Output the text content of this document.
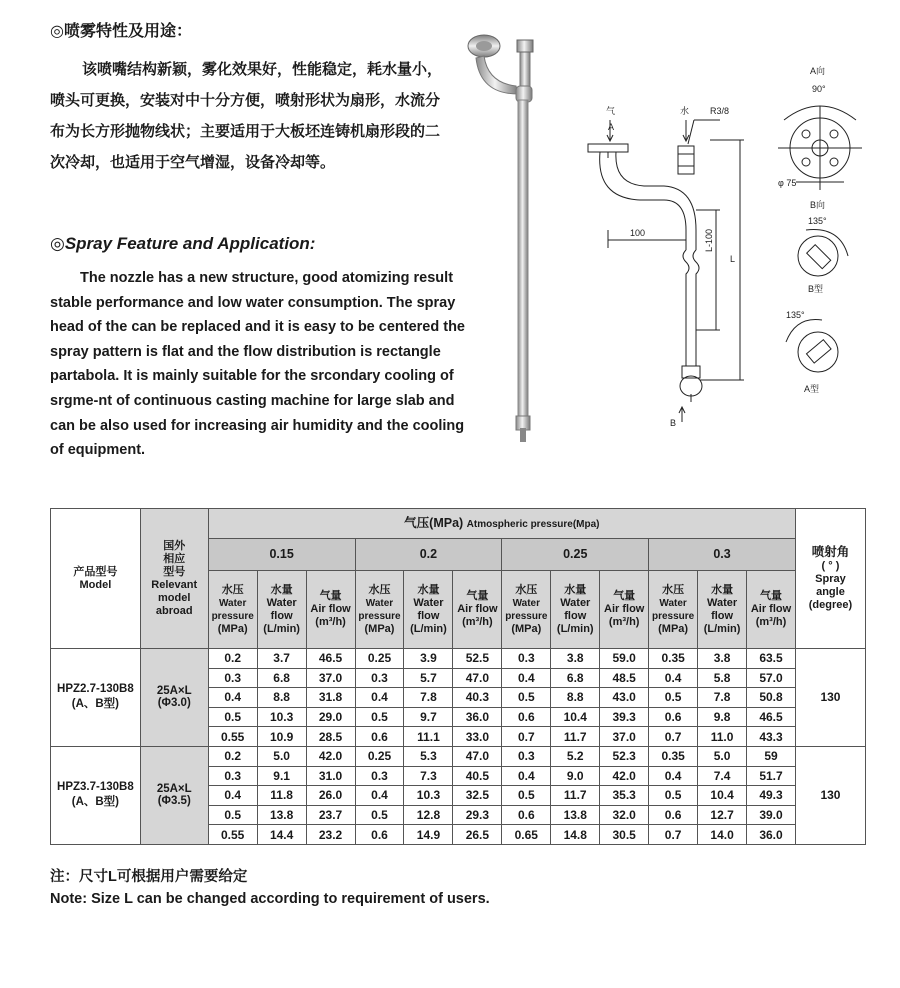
◎喷雾特性及用途：

该喷嘴结构新颖，雾化效果好，性能稳定，耗水量小，

喷头可更换，安装对中十分方便，喷射形状为扇形，水流分

布为长方形抛物线状；主要适用于大板坯连铸机扇形段的二

次冷却，也适用于空气增湿，设备冷却等。

◎Spray Feature and Application:

The nozzle has a new structure, good atomizing result

stable performance and low water consumption. The spray

head of the can be replaced and it is easy to be centered the

spray pattern is flat and the flow distribution is rectangle

partabola. It is mainly suitable for the srcondary cooling of

srgme-nt of continuous casting machine for large slab and

can be also used for increasing air humidity and the cooling

of equipment.

气
A
水 R3/8
100	L-100
L
B
A向
90°
φ 75
B向
135°
B型
135°
A型
产品型号
Model	国外相应型号
Relevant model abroad	气压(MPa) Atmospheric pressure(Mpa)												喷射角
( ° )
Spray angle (degree)
		0.15			0.2			0.25			0.3			

		水压
Water pressure
(MPa)	水量
Water flow
(L/min)	气量
Air flow
(m³/h)	水压
Water pressure
(MPa)	水量
Water flow
(L/min)	气量
Air flow
(m³/h)	水压
Water pressure
(MPa)	水量
Water flow
(L/min)	气量
Air flow
(m³/h)	水压
Water pressure
(MPa)	水量
Water flow
(L/min)	气量
Air flow
(m³/h)	

HPZ2.7-130B8
(A、B型)	25A×L
(Φ3.0)	0.2	3.7	46.5	0.25	3.9	52.5	0.3	3.8	59.0	0.35	3.8	63.5	130
		0.3	6.8	37.0	0.3	5.7	47.0	0.4	6.8	48.5	0.4	5.8	57.0	
		0.4	8.8	31.8	0.4	7.8	40.3	0.5	8.8	43.0	0.5	7.8	50.8	
		0.5	10.3	29.0	0.5	9.7	36.0	0.6	10.4	39.3	0.6	9.8	46.5	
		0.55	10.9	28.5	0.6	11.1	33.0	0.7	11.7	37.0	0.7	11.0	43.3	
HPZ3.7-130B8
(A、B型)	25A×L
(Φ3.5)	0.2	5.0	42.0	0.25	5.3	47.0	0.3	5.2	52.3	0.35	5.0	59	130
		0.3	9.1	31.0	0.3	7.3	40.5	0.4	9.0	42.0	0.4	7.4	51.7	
		0.4	11.8	26.0	0.4	10.3	32.5	0.5	11.7	35.3	0.5	10.4	49.3	
		0.5	13.8	23.7	0.5	12.8	29.3	0.6	13.8	32.0	0.6	12.7	39.0	
		0.55	14.4	23.2	0.6	14.9	26.5	0.65	14.8	30.5	0.7	14.0	36.0	
注：尺寸L可根据用户需要给定
Note: Size L can be changed according to requirement of users.
